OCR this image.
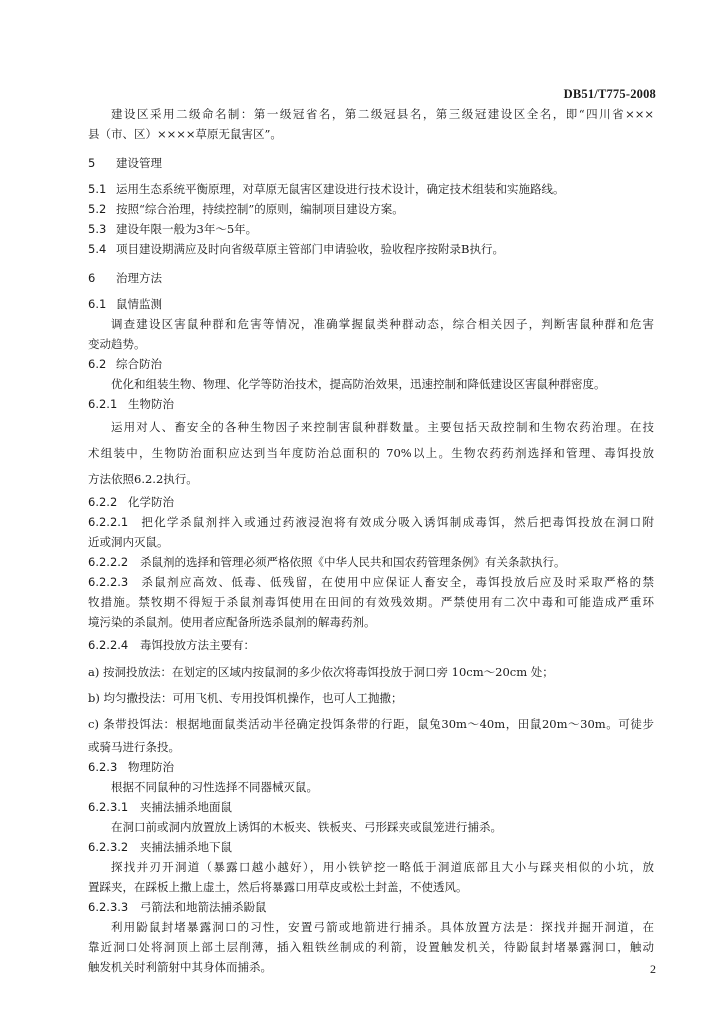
DB51/T775-2008
建设区采用二级命名制：第一级冠省名，第二级冠县名，第三级冠建设区全名，即“四川省×××
县（市、区）××××草原无鼠害区”。
5 建设管理
5.1 运用生态系统平衡原理，对草原无鼠害区建设进行技术设计，确定技术组装和实施路线。
5.2 按照“综合治理，持续控制”的原则，编制项目建设方案。
5.3 建设年限一般为3年～5年。
5.4 项目建设期满应及时向省级草原主管部门申请验收，验收程序按附录B执行。
6 治理方法
6.1 鼠情监测
调查建设区害鼠种群和危害等情况，准确掌握鼠类种群动态，综合相关因子，判断害鼠种群和危害
变动趋势。
6.2 综合防治
优化和组装生物、物理、化学等防治技术，提高防治效果，迅速控制和降低建设区害鼠种群密度。
6.2.1 生物防治
运用对人、畜安全的各种生物因子来控制害鼠种群数量。主要包括天敌控制和生物农药治理。在技
术组装中，生物防治面积应达到当年度防治总面积的 70%以上。生物农药药剂选择和管理、毒饵投放
方法依照6.2.2执行。
6.2.2 化学防治
6.2.2.1 把化学杀鼠剂拌入或通过药液浸泡将有效成分吸入诱饵制成毒饵，然后把毒饵投放在洞口附
近或洞内灭鼠。
6.2.2.2 杀鼠剂的选择和管理必须严格依照《中华人民共和国农药管理条例》有关条款执行。
6.2.2.3 杀鼠剂应高效、低毒、低残留，在使用中应保证人畜安全，毒饵投放后应及时采取严格的禁
牧措施。禁牧期不得短于杀鼠剂毒饵使用在田间的有效残效期。严禁使用有二次中毒和可能造成严重环
境污染的杀鼠剂。使用者应配备所选杀鼠剂的解毒药剂。
6.2.2.4 毒饵投放方法主要有：
a) 按洞投放法：在划定的区域内按鼠洞的多少依次将毒饵投放于洞口旁 10cm～20cm 处；
b) 均匀撒投法：可用飞机、专用投饵机操作，也可人工抛撒；
c) 条带投饵法：根据地面鼠类活动半径确定投饵条带的行距，鼠兔30m～40m，田鼠20m～30m。可徒步
或骑马进行条投。
6.2.3 物理防治
根据不同鼠种的习性选择不同器械灭鼠。
6.2.3.1 夹捕法捕杀地面鼠
在洞口前或洞内放置放上诱饵的木板夹、铁板夹、弓形踩夹或鼠笼进行捕杀。
6.2.3.2 夹捕法捕杀地下鼠
探找并刃开洞道（暴露口越小越好），用小铁铲挖一略低于洞道底部且大小与踩夹相似的小坑，放
置踩夹，在踩板上撒上虚土，然后将暴露口用草皮或松土封盖，不使透风。
6.2.3.3 弓箭法和地箭法捕杀鼢鼠
利用鼢鼠封堵暴露洞口的习性，安置弓箭或地箭进行捕杀。具体放置方法是：探找并掘开洞道，在
靠近洞口处将洞顶上部土层削薄，插入粗铁丝制成的利箭，设置触发机关，待鼢鼠封堵暴露洞口，触动
触发机关时利箭射中其身体而捕杀。	2
